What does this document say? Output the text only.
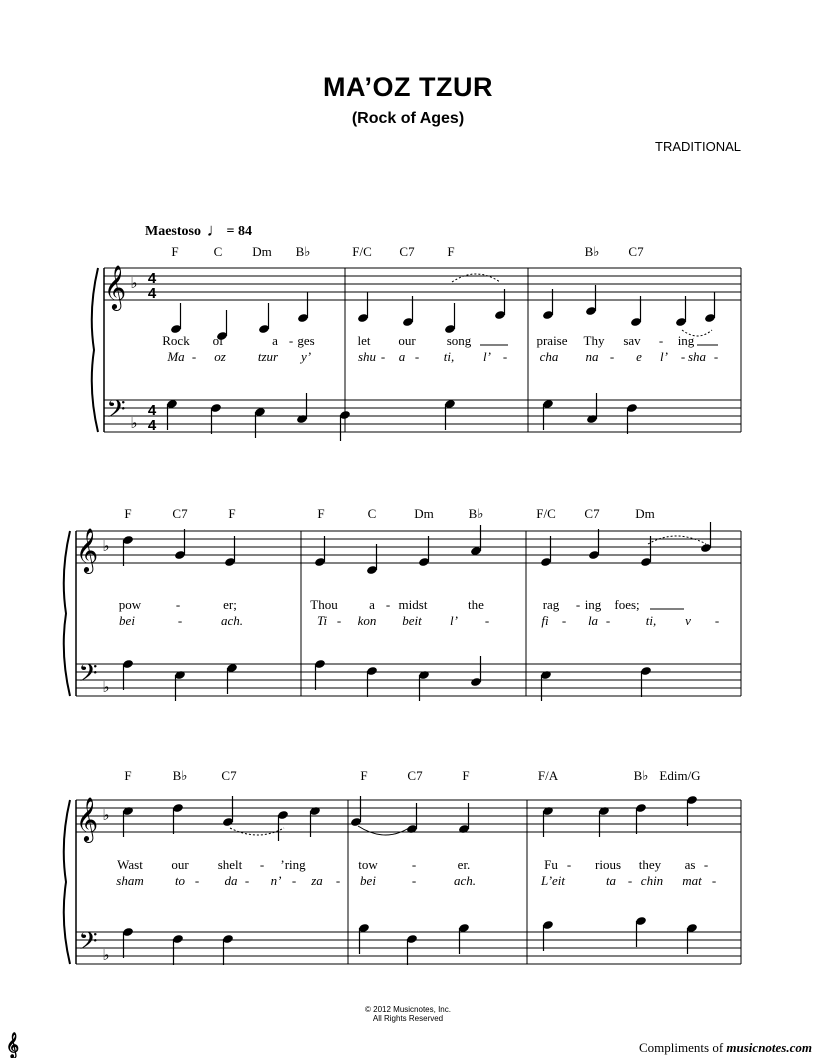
MA’OZ TZUR
(Rock of Ages)
TRADITIONAL
Maestoso ♩ = 84
𝄞
𝄢
♭
♭
4
4
4
4
F	C Dm B♭
Rock of	a - ges
Ma - oz tzur y’
F/C C7	F
let our song
shu - a - ti, l’ -
B♭ C7
praise Thy sav - ing
cha na - e l’ - sha -
𝄞
𝄢
♭
♭
F	C7	F
pow	-	er;
bei	-	ach.
F	C	Dm	B♭
Thou a - midst	the
Ti - kon beit l’ -
F/C C7	Dm
rag - ing foes;
fi - la -	ti, v -
𝄞
𝄢
♭
♭
F	B♭	C7
Wast our shelt - ’ring
sham to - da - n’ - za -
F	C7	F
tow	-	er.
bei	-	ach.
F/A	B♭ Edim/G
Fu - rious they as -
L’eit	ta - chin mat -
© 2012 Musicnotes, Inc.
All Rights Reserved
𝄞	Compliments of musicnotes.com
